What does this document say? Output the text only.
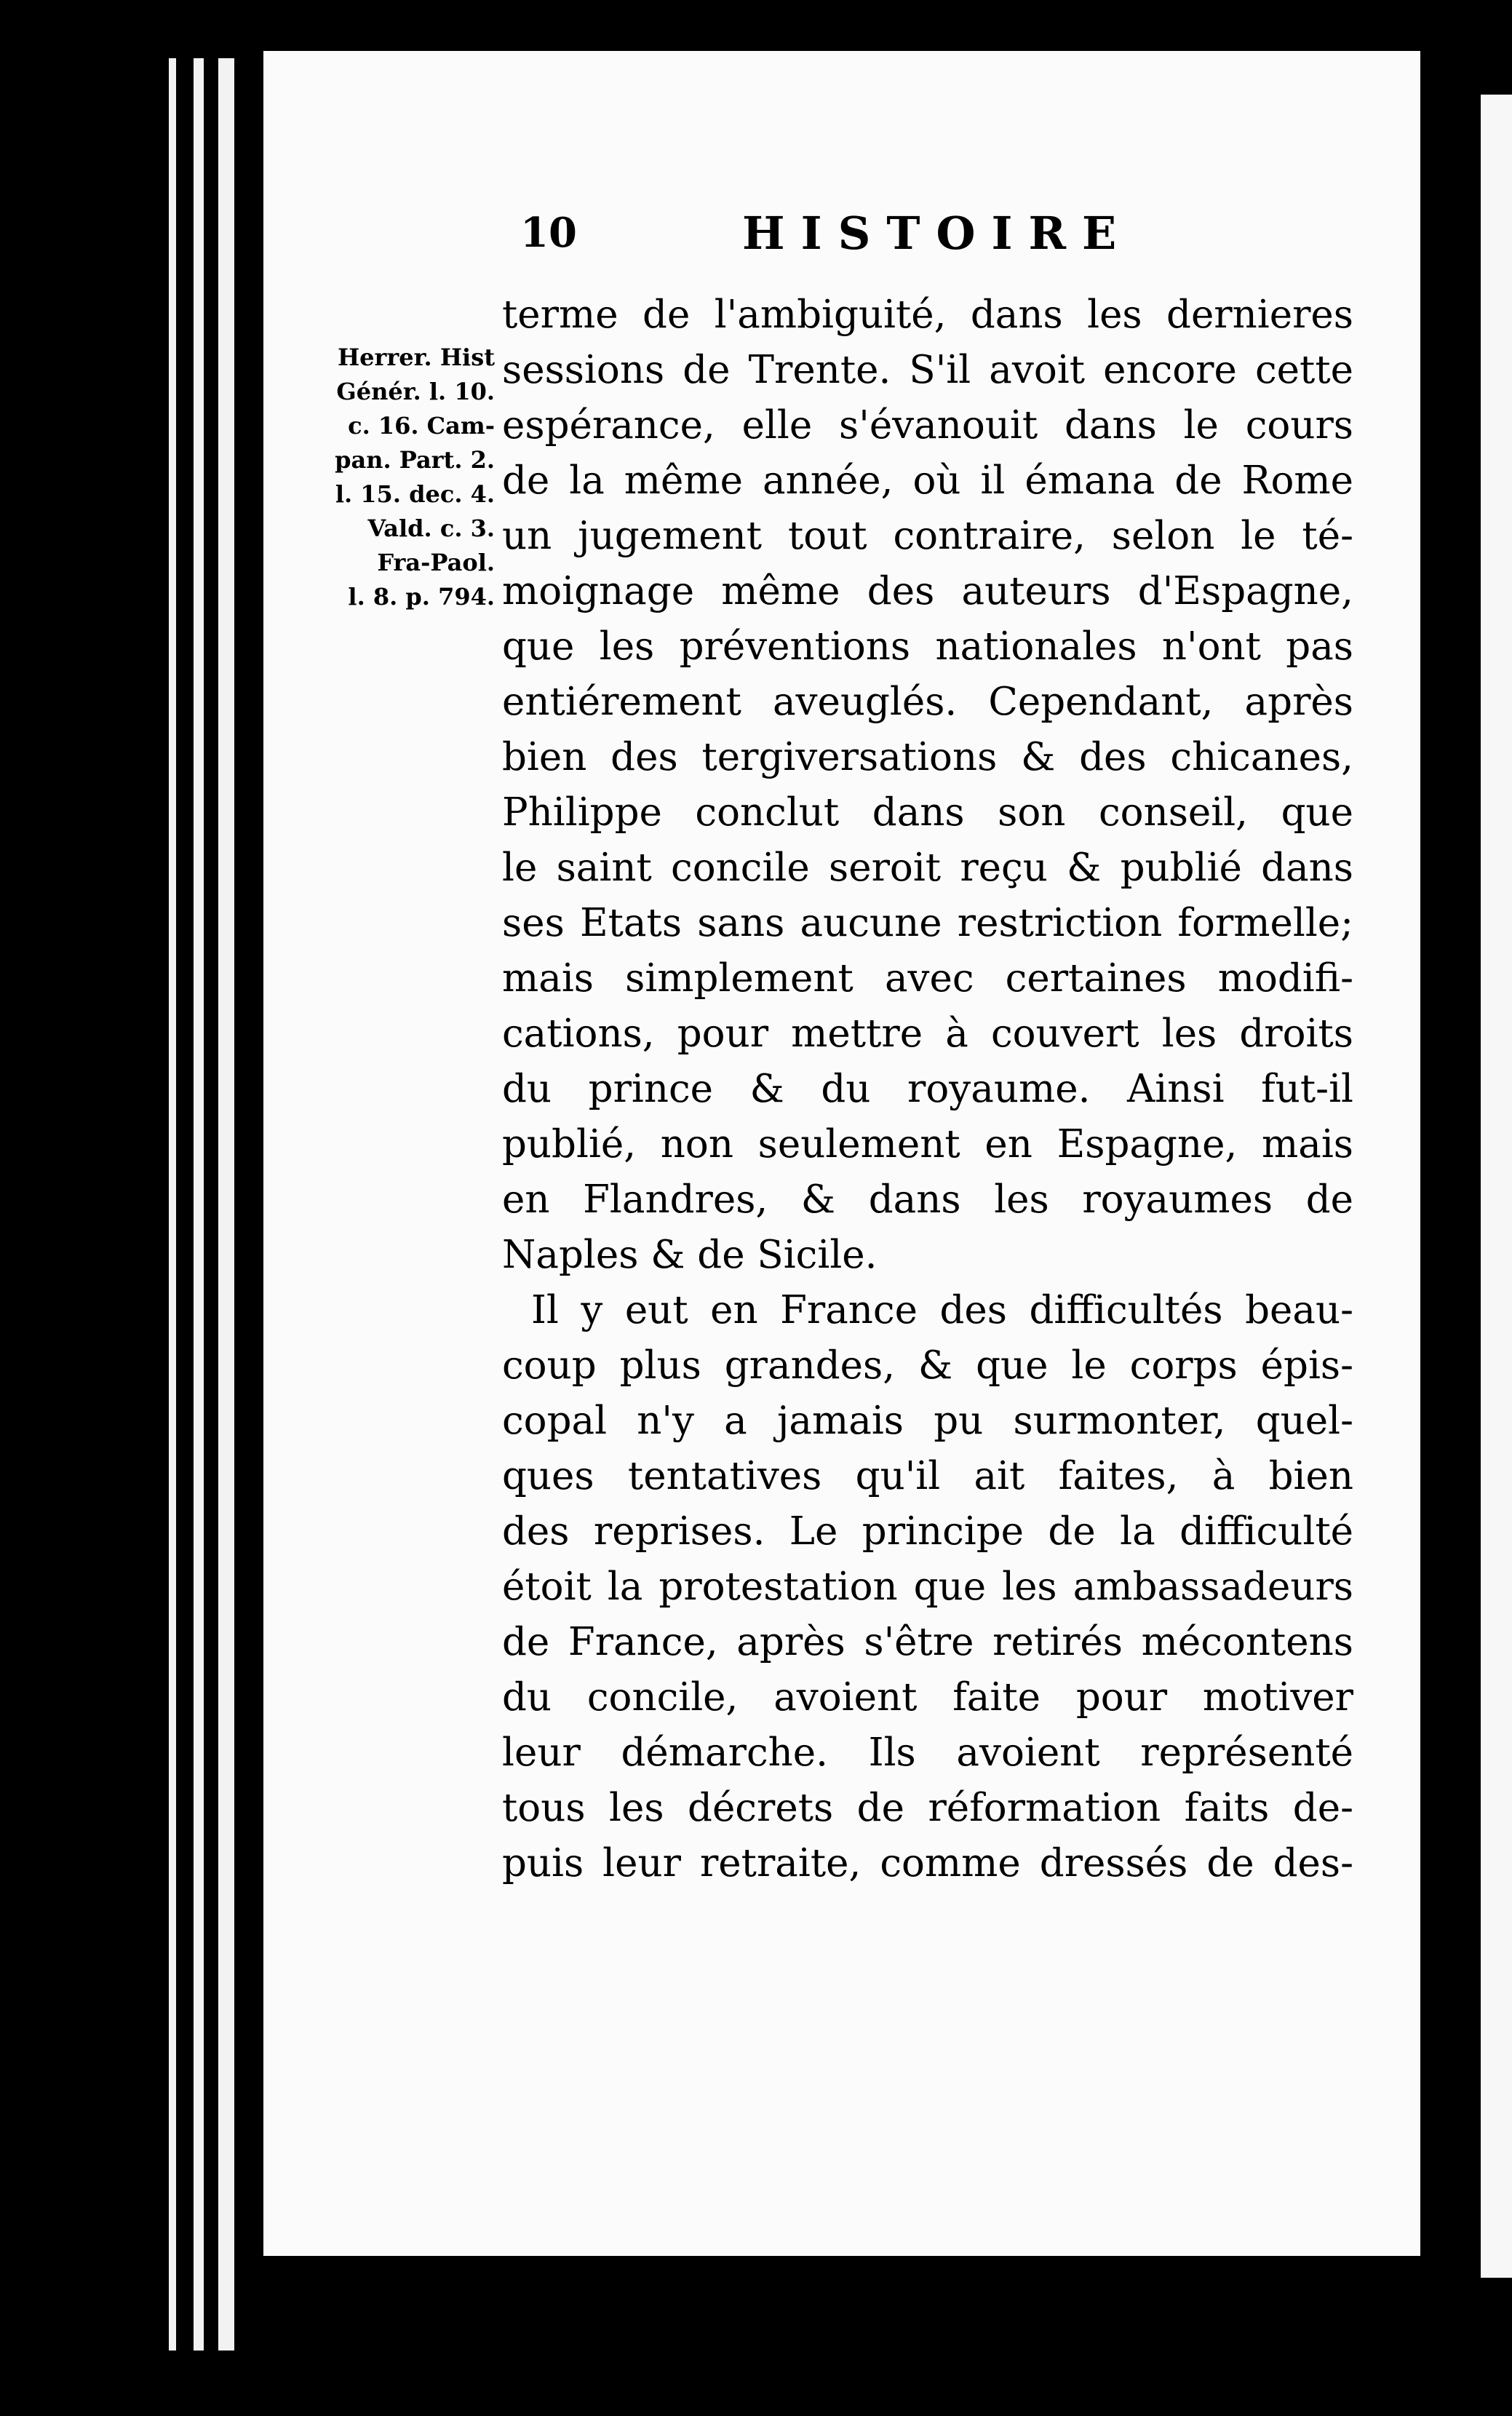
10	HISTOIRE
Herrer. Hist
Génér. l. 10.
c. 16. Cam-
pan. Part. 2.
l. 15. dec. 4.
Vald. c. 3.
Fra-Paol.
l. 8. p. 794.
terme de l'ambiguité, dans les dernieres
sessions de Trente. S'il avoit encore cette
espérance, elle s'évanouit dans le cours
de la même année, où il émana de Rome
un jugement tout contraire, selon le té-
moignage même des auteurs d'Espagne,
que les préventions nationales n'ont pas
entiérement aveuglés. Cependant, après
bien des tergiversations & des chicanes,
Philippe conclut dans son conseil, que
le saint concile seroit reçu & publié dans
ses Etats sans aucune restriction formelle;
mais simplement avec certaines modifi-
cations, pour mettre à couvert les droits
du prince & du royaume. Ainsi fut-il
publié, non seulement en Espagne, mais
en Flandres, & dans les royaumes de
Naples & de Sicile.
Il y eut en France des difficultés beau-
coup plus grandes, & que le corps épis-
copal n'y a jamais pu surmonter, quel-
ques tentatives qu'il ait faites, à bien
des reprises. Le principe de la difficulté
étoit la protestation que les ambassadeurs
de France, après s'être retirés mécontens
du concile, avoient faite pour motiver
leur démarche. Ils avoient représenté
tous les décrets de réformation faits de-
puis leur retraite, comme dressés de des-
